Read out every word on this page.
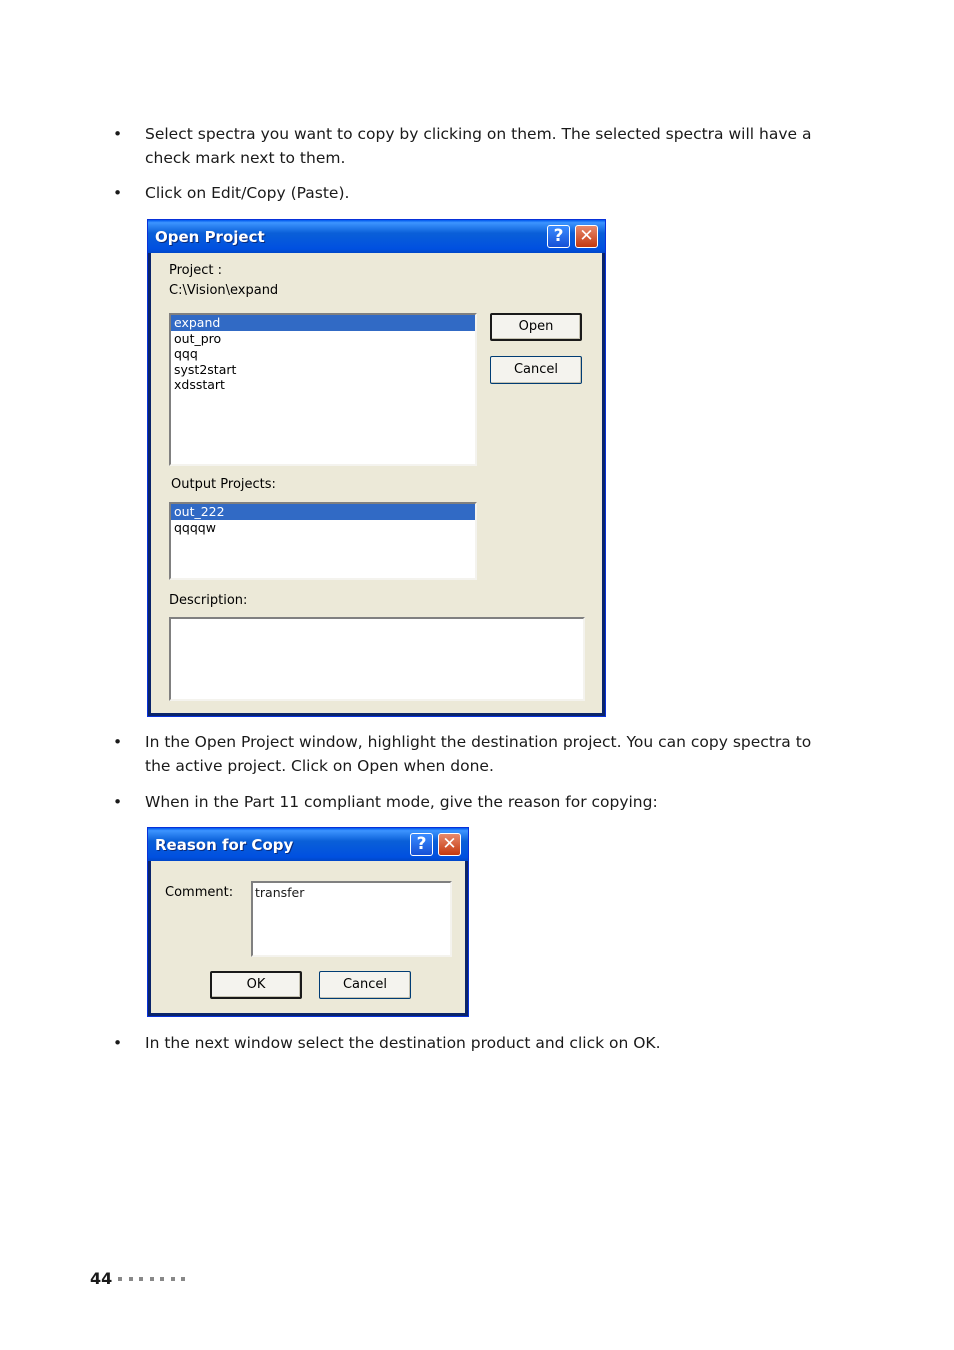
• Select spectra you want to copy by clicking on them. The selected spectra will have a check mark next to them.
• Click on Edit/Copy (Paste).
Open Project	? ✕
Project :
C:\Vision\expand
expand
out_pro
qqq
syst2start
xdsstart
Open
Cancel
Output Projects:
out_222
qqqqw
Description:
• In the Open Project window, highlight the destination project. You can copy spectra to the active project. Click on Open when done.
• When in the Part 11 compliant mode, give the reason for copying:
Reason for Copy	? ✕
Comment:	transfer
OK	Cancel
• In the next window select the destination product and click on OK.
44
